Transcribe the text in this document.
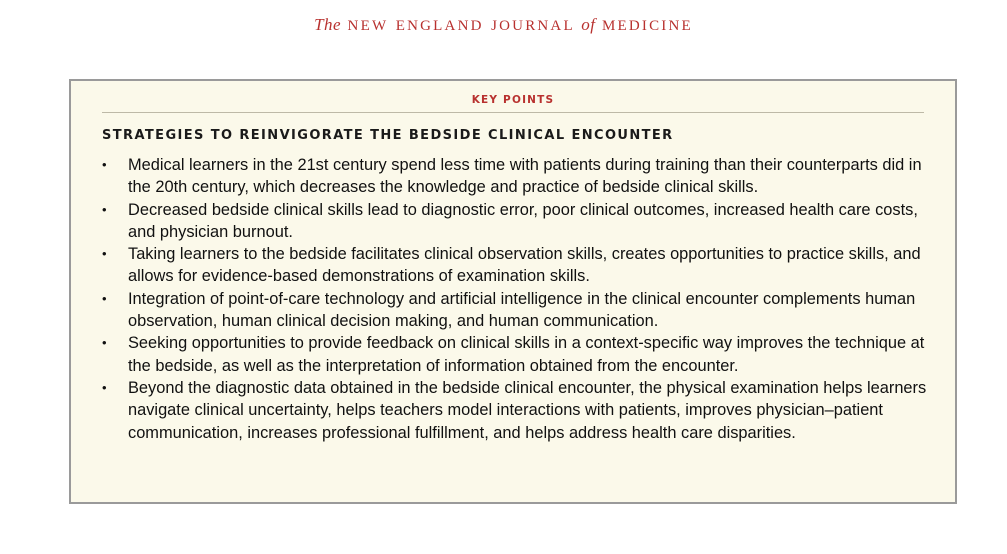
The new england journal of medicine
KEY POINTS
STRATEGIES TO REINVIGORATE THE BEDSIDE CLINICAL ENCOUNTER
•	Medical learners in the 21st century spend less time with patients during training than their counterparts did in the 20th century, which decreases the knowledge and practice of bedside clinical skills.
•	Decreased bedside clinical skills lead to diagnostic error, poor clinical outcomes, increased health care costs, and physician burnout.
•	Taking learners to the bedside facilitates clinical observation skills, creates opportunities to practice skills, and allows for evidence-based demonstrations of examination skills.
•	Integration of point-of-care technology and artificial intelligence in the clinical encounter complements human observation, human clinical decision making, and human communication.
•	Seeking opportunities to provide feedback on clinical skills in a context-specific way improves the technique at the bedside, as well as the interpretation of information obtained from the encounter.
•	Beyond the diagnostic data obtained in the bedside clinical encounter, the physical examination helps learners navigate clinical uncertainty, helps teachers model interactions with patients, improves physician–patient communication, increases professional fulfillment, and helps address health care disparities.
